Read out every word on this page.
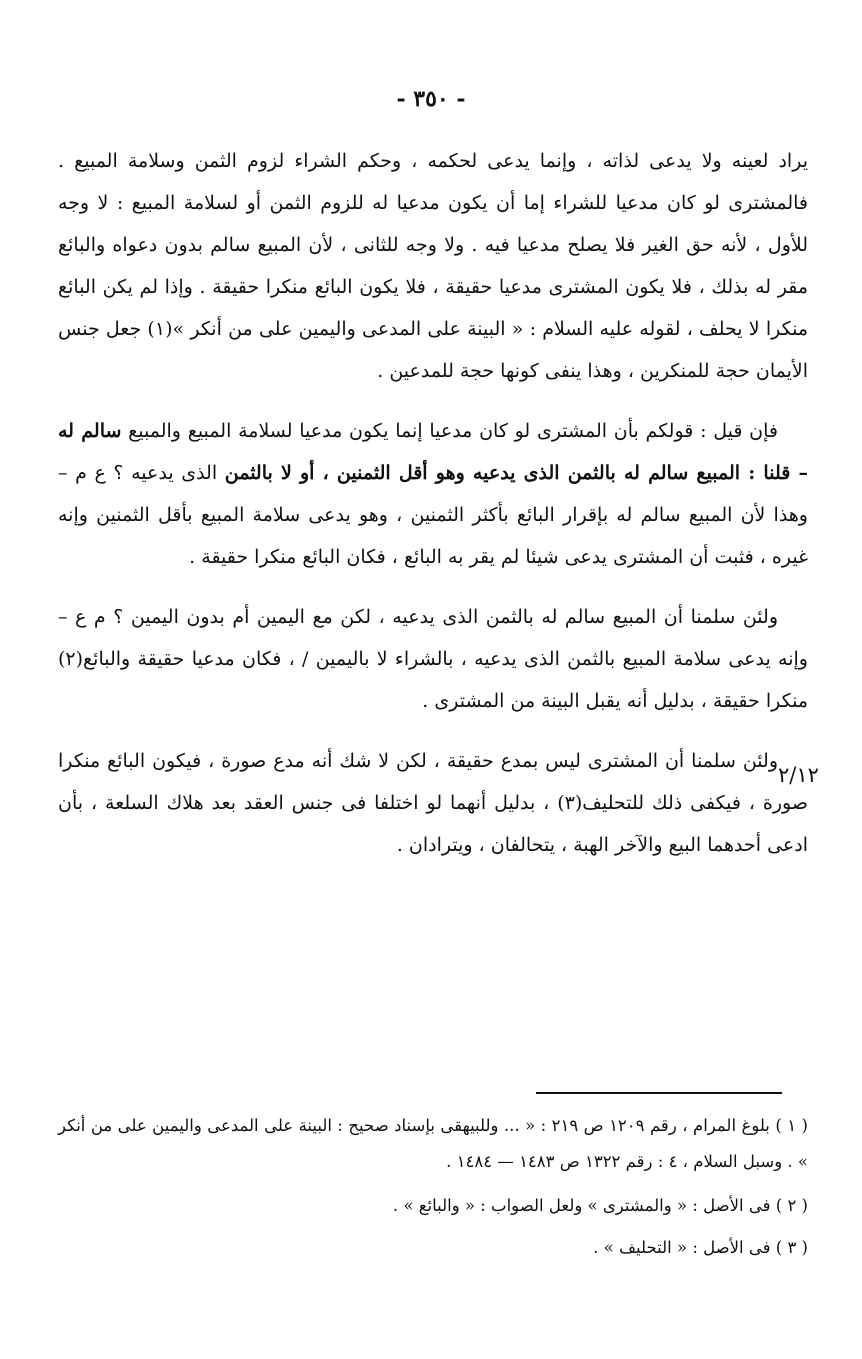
- ٣٥٠ -

يراد لعينه ولا يدعى لذاته ، وإنما يدعى لحكمه ، وحكم الشراء لزوم الثمن وسلامة المبيع . فالمشترى لو كان مدعيا للشراء إما أن يكون مدعيا له للزوم الثمن أو لسلامة المبيع : لا وجه للأول ، لأنه حق الغير فلا يصلح مدعيا فيه . ولا وجه للثانى ، لأن المبيع سالم بدون دعواه والبائع مقر له بذلك ، فلا يكون المشترى مدعيا حقيقة ، فلا يكون البائع منكرا حقيقة . وإذا لم يكن البائع منكرا لا يحلف ، لقوله عليه السلام : « البينة على المدعى واليمين على من أنكر »(١) جعل جنس الأيمان حجة للمنكرين ، وهذا ينفى كونها حجة للمدعين .

فإن قيل : قولكم بأن المشترى لو كان مدعيا إنما يكون مدعيا لسلامة المبيع والمبيع سالم له – قلنا : المبيع سالم له بالثمن الذى يدعيه وهو أقل الثمنين ، أو لا بالثمن الذى يدعيه ؟ ع م – وهذا لأن المبيع سالم له بإقرار البائع بأكثر الثمنين ، وهو يدعى سلامة المبيع بأقل الثمنين وإنه غيره ، فثبت أن المشترى يدعى شيئا لم يقر به البائع ، فكان البائع منكرا حقيقة .

ولئن سلمنا أن المبيع سالم له بالثمن الذى يدعيه ، لكن مع اليمين أم بدون اليمين ؟ م ع – وإنه يدعى سلامة المبيع بالثمن الذى يدعيه ، بالشراء لا باليمين / ، فكان مدعيا حقيقة والبائع(٢) منكرا حقيقة ، بدليل أنه يقبل البينة من المشترى .

ولئن سلمنا أن المشترى ليس بمدع حقيقة ، لكن لا شك أنه مدع صورة ، فيكون البائع منكرا صورة ، فيكفى ذلك للتحليف(٣) ، بدليل أنهما لو اختلفا فى جنس العقد بعد هلاك السلعة ، بأن ادعى أحدهما البيع والآخر الهبة ، يتحالفان ، ويترادان .

٢/١٢

( ١ ) بلوغ المرام ، رقم ١٢٠٩ ص ٢١٩ : « ... وللبيهقى بإسناد صحيح : البينة على المدعى واليمين على من أنكر » . وسبل السلام ، ٤ : رقم ١٣٢٢ ص ١٤٨٣ — ١٤٨٤ .

( ٢ ) فى الأصل : « والمشترى » ولعل الصواب : « والبائع » .

( ٣ ) فى الأصل : « التحليف » .
